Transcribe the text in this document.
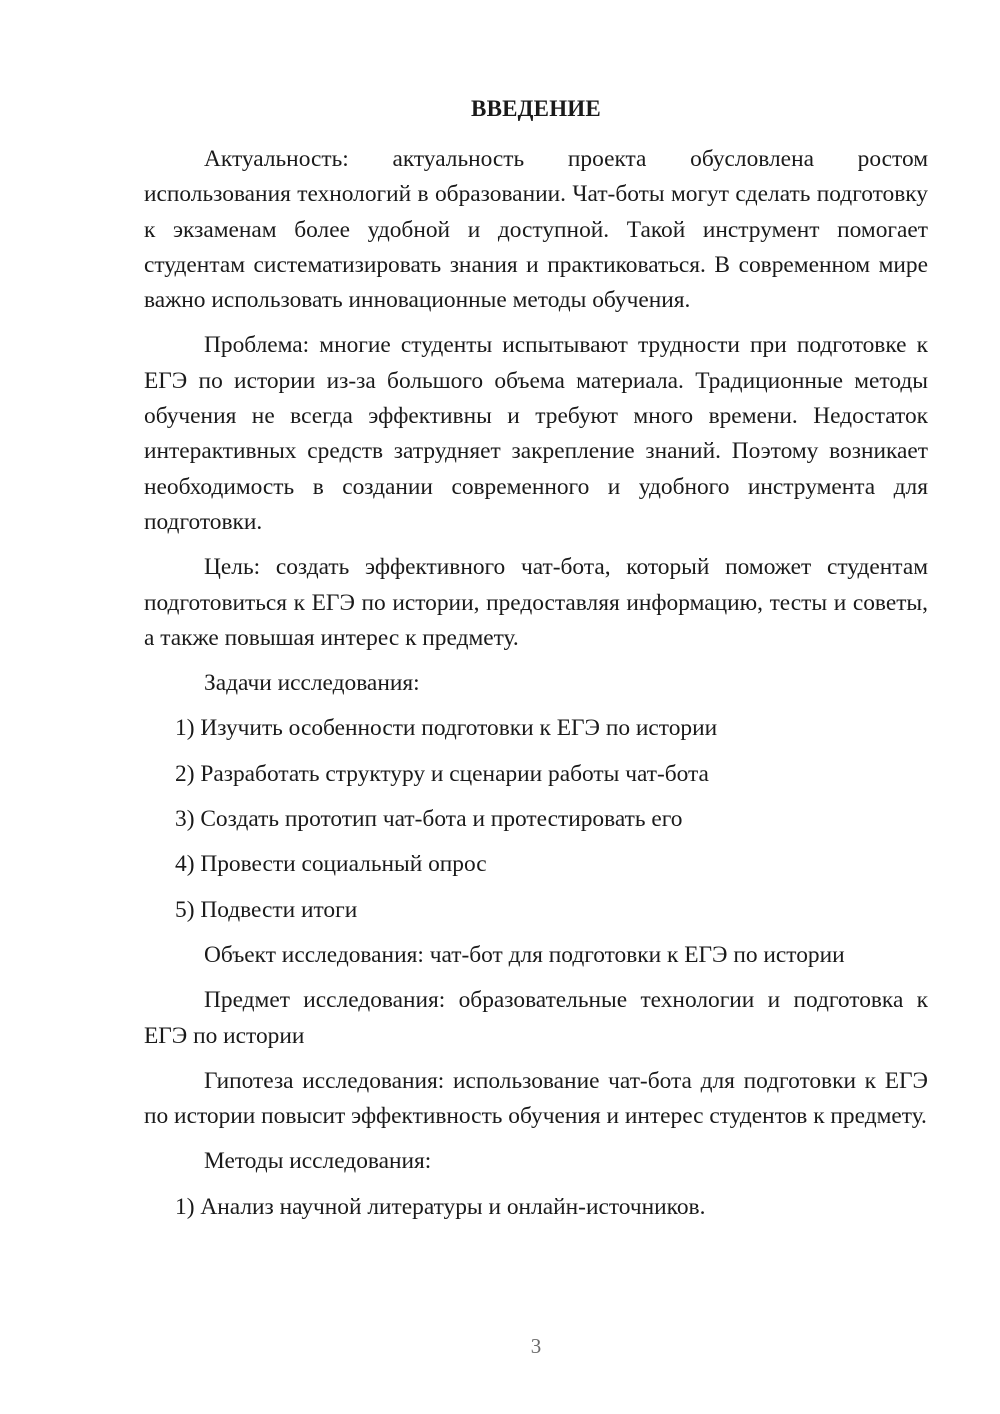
ВВЕДЕНИЕ

Актуальность: актуальность проекта обусловлена ростом использования технологий в образовании. Чат-боты могут сделать подготовку к экзаменам более удобной и доступной. Такой инструмент помогает студентам систематизировать знания и практиковаться. В современном мире важно использовать инновационные методы обучения.

Проблема: многие студенты испытывают трудности при подготовке к ЕГЭ по истории из-за большого объема материала. Традиционные методы обучения не всегда эффективны и требуют много времени. Недостаток интерактивных средств затрудняет закрепление знаний. Поэтому возникает необходимость в создании современного и удобного инструмента для подготовки.

Цель: создать эффективного чат-бота, который поможет студентам подготовиться к ЕГЭ по истории, предоставляя информацию, тесты и советы, а также повышая интерес к предмету.

Задачи исследования:

1) Изучить особенности подготовки к ЕГЭ по истории

2) Разработать структуру и сценарии работы чат-бота

3) Создать прототип чат-бота и протестировать его

4) Провести социальный опрос

5) Подвести итоги

Объект исследования: чат-бот для подготовки к ЕГЭ по истории

Предмет исследования: образовательные технологии и подготовка к ЕГЭ по истории

Гипотеза исследования: использование чат-бота для подготовки к ЕГЭ по истории повысит эффективность обучения и интерес студентов к предмету.

Методы исследования:

1) Анализ научной литературы и онлайн-источников.

3
